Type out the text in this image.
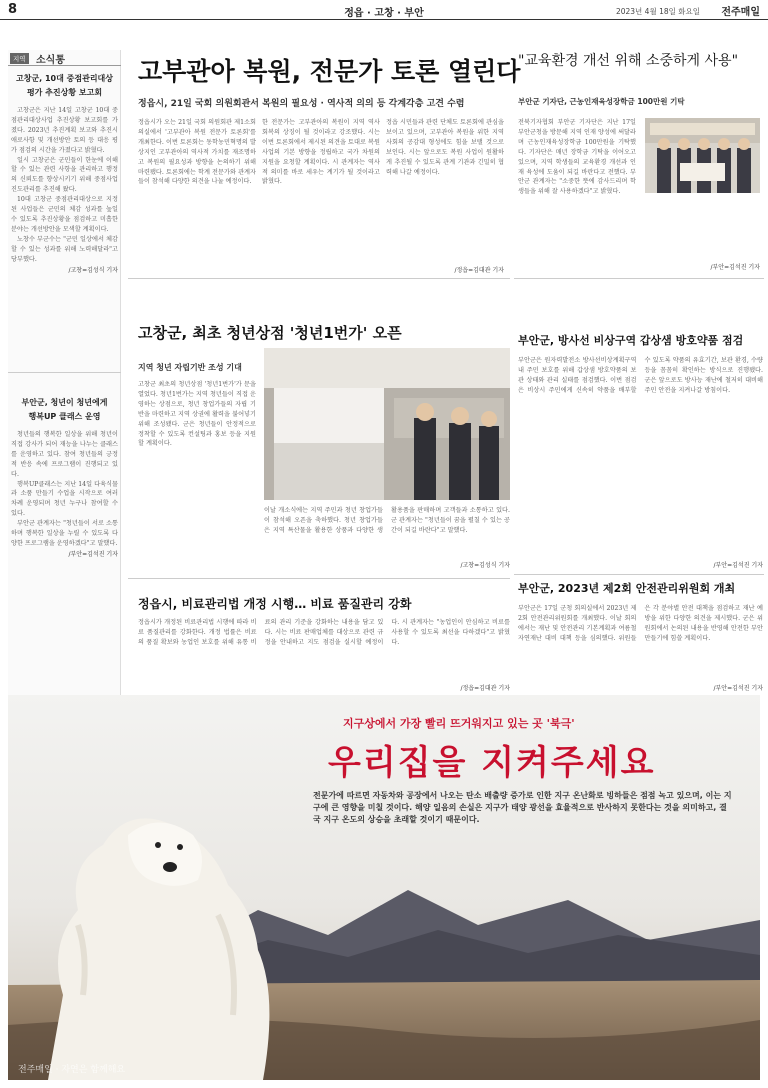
8	정읍 · 고창 · 부안	2023년 4월 18일 화요일 전주매일
지역	소식통
고창군, 10대 중점관리대상
평가 추진상황 보고회

고창군은 지난 14일 고창군 10대 중점관리대상사업 추진상황 보고회를 가졌다. 2023년 추진계획 보고와 추진시 애로사항 및 개선방안 토의 등 대응 평가 점검의 시간을 가졌다고 밝혔다.

일시 고창군은 군민들이 한눈에 이해할 수 있는 관련 사항을 관리하고 행정의 신뢰도를 향상시키기 위해 중점사업 진도관리를 추진해 왔다.

10대 고창군 중점관리대상으로 지정된 사업들은 군민의 체감 성과를 높일 수 있도록 추진상황을 점검하고 미흡한 분야는 개선방안을 모색할 계획이다.

노창수 부군수는 "군민 일상에서 체감할 수 있는 성과를 위해 노력해달라"고 당부했다.

/고창=김성식 기자
부안군, 청년이 청년에게
행복UP 클래스 운영

청년들의 행복한 일상을 위해 청년이 직접 강사가 되어 재능을 나누는 클래스를 운영하고 있다. 참여 청년들의 긍정적 반응 속에 프로그램이 진행되고 있다.

행복UP클래스는 지난 14일 다육식물과 소품 만들기 수업을 시작으로 여러 차례 운영되며 청년 누구나 참여할 수 있다.

부안군 관계자는 "청년들이 서로 소통하며 행복한 일상을 누릴 수 있도록 다양한 프로그램을 운영하겠다"고 말했다.

/부안=김석진 기자
고부관아 복원, 전문가 토론 열린다
정읍시, 21일 국회 의원회관서 복원의 필요성 · 역사적 의의 등 각계각층 고견 수렴
정읍시가 오는 21일 국회 의원회관 제1소회의실에서 '고부관아 복원 전문가 토론회'를 개최한다. 이번 토론회는 동학농민혁명의 발상지인 고부관아의 역사적 가치를 재조명하고 복원의 필요성과 방향을 논의하기 위해 마련됐다. 토론회에는 학계 전문가와 관계자들이 참석해 다양한 의견을 나눌 예정이다.
한 전문가는 고부관아의 복원이 지역 역사 회복의 상징이 될 것이라고 강조했다. 시는 이번 토론회에서 제시된 의견을 토대로 복원 사업의 기본 방향을 정립하고 국가 차원의 지원을 요청할 계획이다. 시 관계자는 역사적 의미를 바로 세우는 계기가 될 것이라고 밝혔다.
정읍 시민들과 관련 단체도 토론회에 관심을 보이고 있으며, 고부관아 복원을 위한 지역사회의 공감대 형성에도 힘을 보탤 것으로 보인다. 시는 앞으로도 복원 사업이 원활하게 추진될 수 있도록 관계 기관과 긴밀히 협력해 나갈 예정이다.
/정읍=김대관 기자
"교육환경 개선 위해 소중하게 사용"
부안군 기자단, 근농인재육성장학금 100만원 기탁
전북기자협회 부안군 기자단은 지난 17일 부안군청을 방문해 지역 인재 양성에 써달라며 근농인재육성장학금 100만원을 기탁했다. 기자단은 매년 장학금 기탁을 이어오고 있으며, 지역 학생들의 교육환경 개선과 인재 육성에 도움이 되길 바란다고 전했다. 부안군 관계자는 "소중한 뜻에 감사드리며 학생들을 위해 잘 사용하겠다"고 밝혔다.
/부안=김석진 기자
고창군, 최초 청년상점 '청년1번가' 오픈
지역 청년 자립기반 조성 기대
고창군 최초의 청년상점 '청년1번가'가 문을 열었다. 청년1번가는 지역 청년들이 직접 운영하는 상점으로, 청년 창업가들의 자립 기반을 마련하고 지역 상권에 활력을 불어넣기 위해 조성됐다. 군은 청년들이 안정적으로 정착할 수 있도록 컨설팅과 홍보 등을 지원할 계획이다.
이날 개소식에는 지역 주민과 청년 창업가들이 참석해 오픈을 축하했다. 청년 창업가들은 지역 특산물을 활용한 상품과 다양한 생활용품을 판매하며 고객들과 소통하고 있다. 군 관계자는 "청년들이 꿈을 펼칠 수 있는 공간이 되길 바란다"고 말했다.
/고창=김성식 기자
부안군, 방사선 비상구역 갑상샘 방호약품 점검
부안군은 원자력발전소 방사선비상계획구역 내 주민 보호를 위해 갑상샘 방호약품의 보관 상태와 관리 실태를 점검했다. 이번 점검은 비상시 주민에게 신속히 약품을 배부할 수 있도록 약품의 유효기간, 보관 환경, 수량 등을 꼼꼼히 확인하는 방식으로 진행됐다. 군은 앞으로도 방사능 재난에 철저히 대비해 주민 안전을 지켜나갈 방침이다.
/부안=김석진 기자
부안군, 2023년 제2회 안전관리위원회 개최
부안군은 17일 군청 회의실에서 2023년 제2회 안전관리위원회를 개최했다. 이날 회의에서는 재난 및 안전관리 기본계획과 여름철 자연재난 대비 대책 등을 심의했다. 위원들은 각 분야별 안전 대책을 점검하고 재난 예방을 위한 다양한 의견을 제시했다. 군은 위원회에서 논의된 내용을 반영해 안전한 부안 만들기에 힘쓸 계획이다.
/부안=김석진 기자
정읍시, 비료관리법 개정 시행… 비료 품질관리 강화
정읍시가 개정된 비료관리법 시행에 따라 비료 품질관리를 강화한다. 개정 법률은 비료의 품질 확보와 농업인 보호를 위해 유통 비료의 관리 기준을 강화하는 내용을 담고 있다. 시는 비료 판매업체를 대상으로 관련 규정을 안내하고 지도 점검을 실시할 예정이다. 시 관계자는 "농업인이 안심하고 비료를 사용할 수 있도록 최선을 다하겠다"고 밝혔다.
/정읍=김대관 기자
지구상에서 가장 빨리 뜨거워지고 있는 곳 '북극'
우리집을 지켜주세요
전문가에 따르면 자동차와 공장에서 나오는 탄소 배출량 증가로 인한 지구 온난화로 빙하들은 점점 녹고 있으며, 이는 지구에 큰 영향을 미칠 것이다. 해양 일음의 손실은 지구가 태양 광선을 효율적으로 반사하지 못한다는 것을 의미하고, 결국 지구 온도의 상승을 초래할 것이기 때문이다.
전주매일 · 자연은 함께해요
